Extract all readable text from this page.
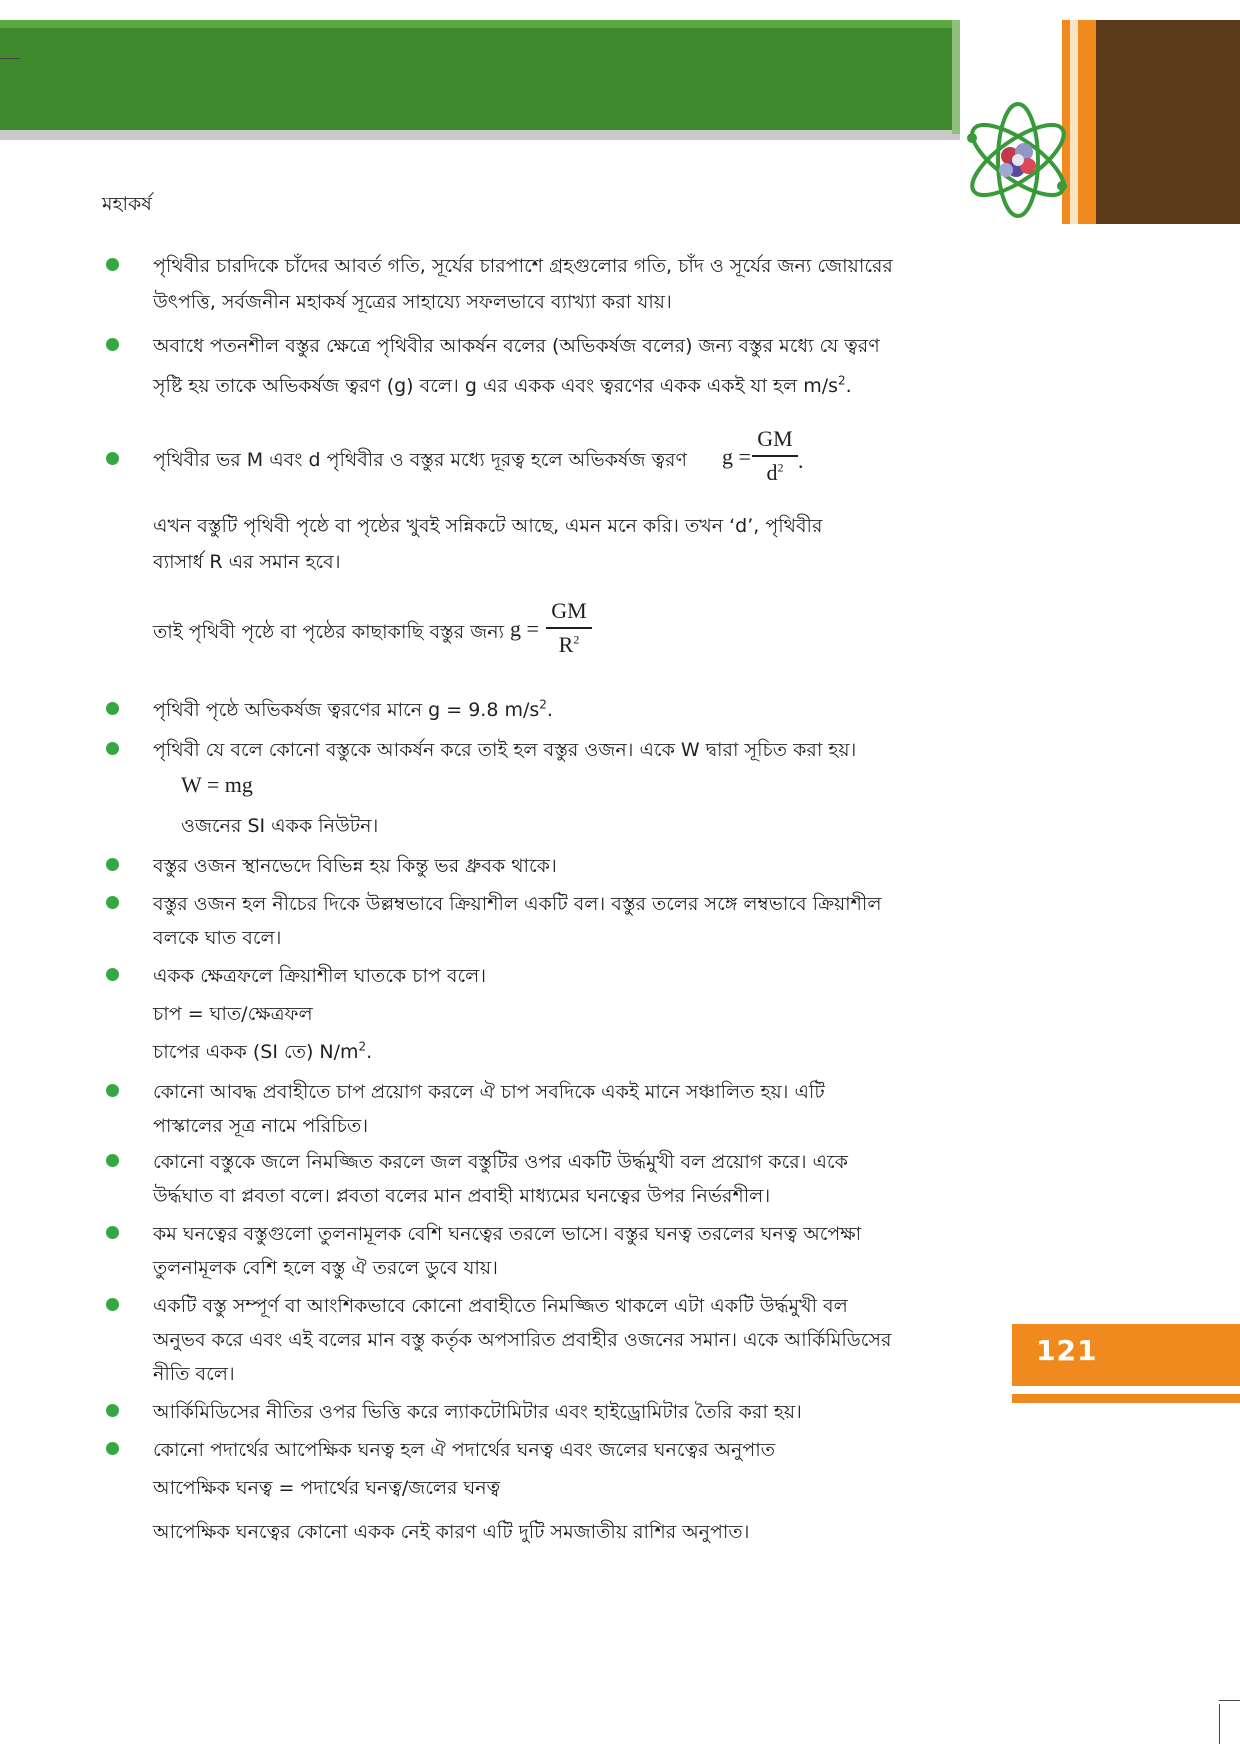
121
মহাকর্ষ
পৃথিবীর চারদিকে চাঁদের আবর্ত গতি, সূর্যের চারপাশে গ্রহগুলোর গতি, চাঁদ ও সূর্যের জন্য জোয়ারের
উৎপত্তি, সর্বজনীন মহাকর্ষ সূত্রের সাহায্যে সফলভাবে ব্যাখ্যা করা যায়।
অবাধে পতনশীল বস্তুর ক্ষেত্রে পৃথিবীর আকর্ষন বলের (অভিকর্ষজ বলের) জন্য বস্তুর মধ্যে যে ত্বরণ
সৃষ্টি হয় তাকে অভিকর্ষজ ত্বরণ (g) বলে। g এর একক এবং ত্বরণের একক একই যা হল $m/s^2$.
পৃথিবীর ভর M এবং d পৃথিবীর ও বস্তুর মধ্যে দূরত্ব হলে অভিকর্ষজ ত্বরণ g =
GM
$d^2$ .
এখন বস্তুটি পৃথিবী পৃষ্ঠে বা পৃষ্ঠের খুবই সন্নিকটে আছে, এমন মনে করি। তখন ‘d’, পৃথিবীর
ব্যাসার্ধ R এর সমান হবে।
তাই পৃথিবী পৃষ্ঠে বা পৃষ্ঠের কাছাকাছি বস্তুর জন্য g =
GM
$R^2$
পৃথিবী পৃষ্ঠে অভিকর্ষজ ত্বরণের মানে g = 9.8 $m/s^2$.
পৃথিবী যে বলে কোনো বস্তুকে আকর্ষন করে তাই হল বস্তুর ওজন। একে W দ্বারা সূচিত করা হয়।
W = mg
ওজনের SI একক নিউটন।
বস্তুর ওজন স্থানভেদে বিভিন্ন হয় কিন্তু ভর ধ্রুবক থাকে।
বস্তুর ওজন হল নীচের দিকে উল্লম্বভাবে ক্রিয়াশীল একটি বল। বস্তুর তলের সঙ্গে লম্বভাবে ক্রিয়াশীল
বলকে ঘাত বলে।
একক ক্ষেত্রফলে ক্রিয়াশীল ঘাতকে চাপ বলে।
চাপ = ঘাত/ক্ষেত্রফল
চাপের একক (SI তে) $N/m^2$.
কোনো আবদ্ধ প্রবাহীতে চাপ প্রয়োগ করলে ঐ চাপ সবদিকে একই মানে সঞ্চালিত হয়। এটি
পাস্কালের সূত্র নামে পরিচিত।
কোনো বস্তুকে জলে নিমজ্জিত করলে জল বস্তুটির ওপর একটি উর্দ্ধমুখী বল প্রয়োগ করে। একে
উর্দ্ধঘাত বা প্লবতা বলে। প্লবতা বলের মান প্রবাহী মাধ্যমের ঘনত্বের উপর নির্ভরশীল।
কম ঘনত্বের বস্তুগুলো তুলনামূলক বেশি ঘনত্বের তরলে ভাসে। বস্তুর ঘনত্ব তরলের ঘনত্ব অপেক্ষা
তুলনামূলক বেশি হলে বস্তু ঐ তরলে ডুবে যায়।
একটি বস্তু সম্পূর্ণ বা আংশিকভাবে কোনো প্রবাহীতে নিমজ্জিত থাকলে এটা একটি উর্দ্ধমুখী বল
অনুভব করে এবং এই বলের মান বস্তু কর্তৃক অপসারিত প্রবাহীর ওজনের সমান। একে আর্কিমিডিসের
নীতি বলে।
আর্কিমিডিসের নীতির ওপর ভিত্তি করে ল্যাকটোমিটার এবং হাইড্রোমিটার তৈরি করা হয়।
কোনো পদার্থের আপেক্ষিক ঘনত্ব হল ঐ পদার্থের ঘনত্ব এবং জলের ঘনত্বের অনুপাত
আপেক্ষিক ঘনত্ব = পদার্থের ঘনত্ব/জলের ঘনত্ব
আপেক্ষিক ঘনত্বের কোনো একক নেই কারণ এটি দুটি সমজাতীয় রাশির অনুপাত।
